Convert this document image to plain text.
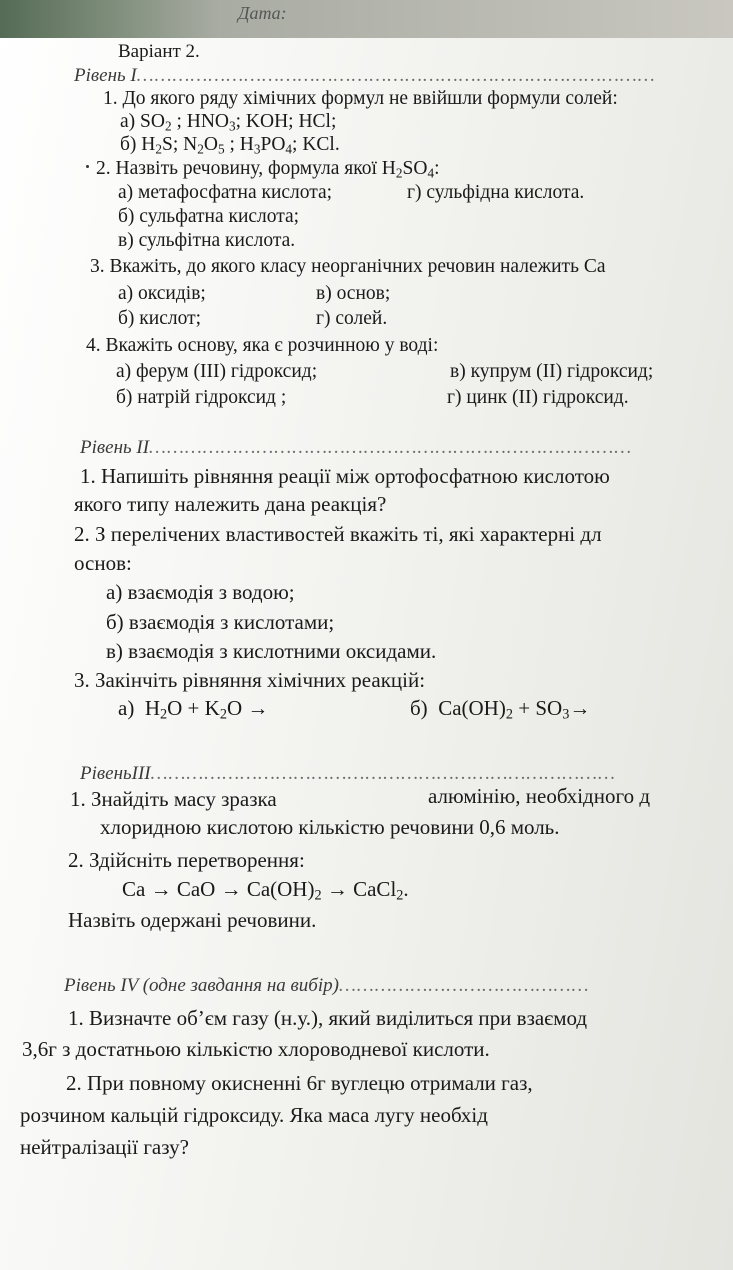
Дата:
Варіант 2.
Рівень І……………………………………………………………………………
1. До якого ряду хімічних формул не ввійшли формули солей:
а) $SO_2$ ; $HNO_3$; KOH; HCl;
б) $H_2S$; $N_2O_5$ ; $H_3PO_4$; KCl.
2. Назвіть речовину, формула якої $H_2SO_4$:
а) метафосфатна кислота;	г) сульфідна кислота.
б) сульфатна кислота;
в) сульфітна кислота.
3. Вкажіть, до якого класу неорганічних речовин належить Са
а) оксидів;	в) основ;
б) кислот;	г) солей.
4. Вкажіть основу, яка є розчинною у воді:
а) ферум (ІІІ) гідроксид;	в) купрум (ІІ) гідроксид;
б) натрій гідроксид ;	г) цинк (ІІ) гідроксид.
Рівень ІІ………………………………………………………………………
1. Напишіть рівняння реації між ортофосфатною кислотою
якого типу належить дана реакція?
2. З перелічених властивостей вкажіть ті, які характерні дл
основ:
а) взаємодія з водою;
б) взаємодія з кислотами;
в) взаємодія з кислотними оксидами.
3. Закінчіть рівняння хімічних реакцій:
а)  $H_2O + K_2O$ →	б)  $Ca(OH)_2 + SO_3\to$
РівеньІІІ……………………………………………………………………
1. Знайдіть масу зразка	алюмінію, необхідного д
хлоридною кислотою кількістю речовини 0,6 моль.
2. Здійсніть перетворення:
Ca → CaO → $Ca(OH)_2$ → CaCl$_2$.
Назвіть одержані речовини.
Рівень IV (одне завдання на вибір)……………………………………
1. Визначте об’єм газу (н.у.), який виділиться при взаємод
3,6г з достатньою кількістю хлороводневої кислоти.
2. При повному окисненні 6г вуглецю отримали газ,
розчином кальцій гідроксиду. Яка маса лугу необхід
нейтралізації газу?
